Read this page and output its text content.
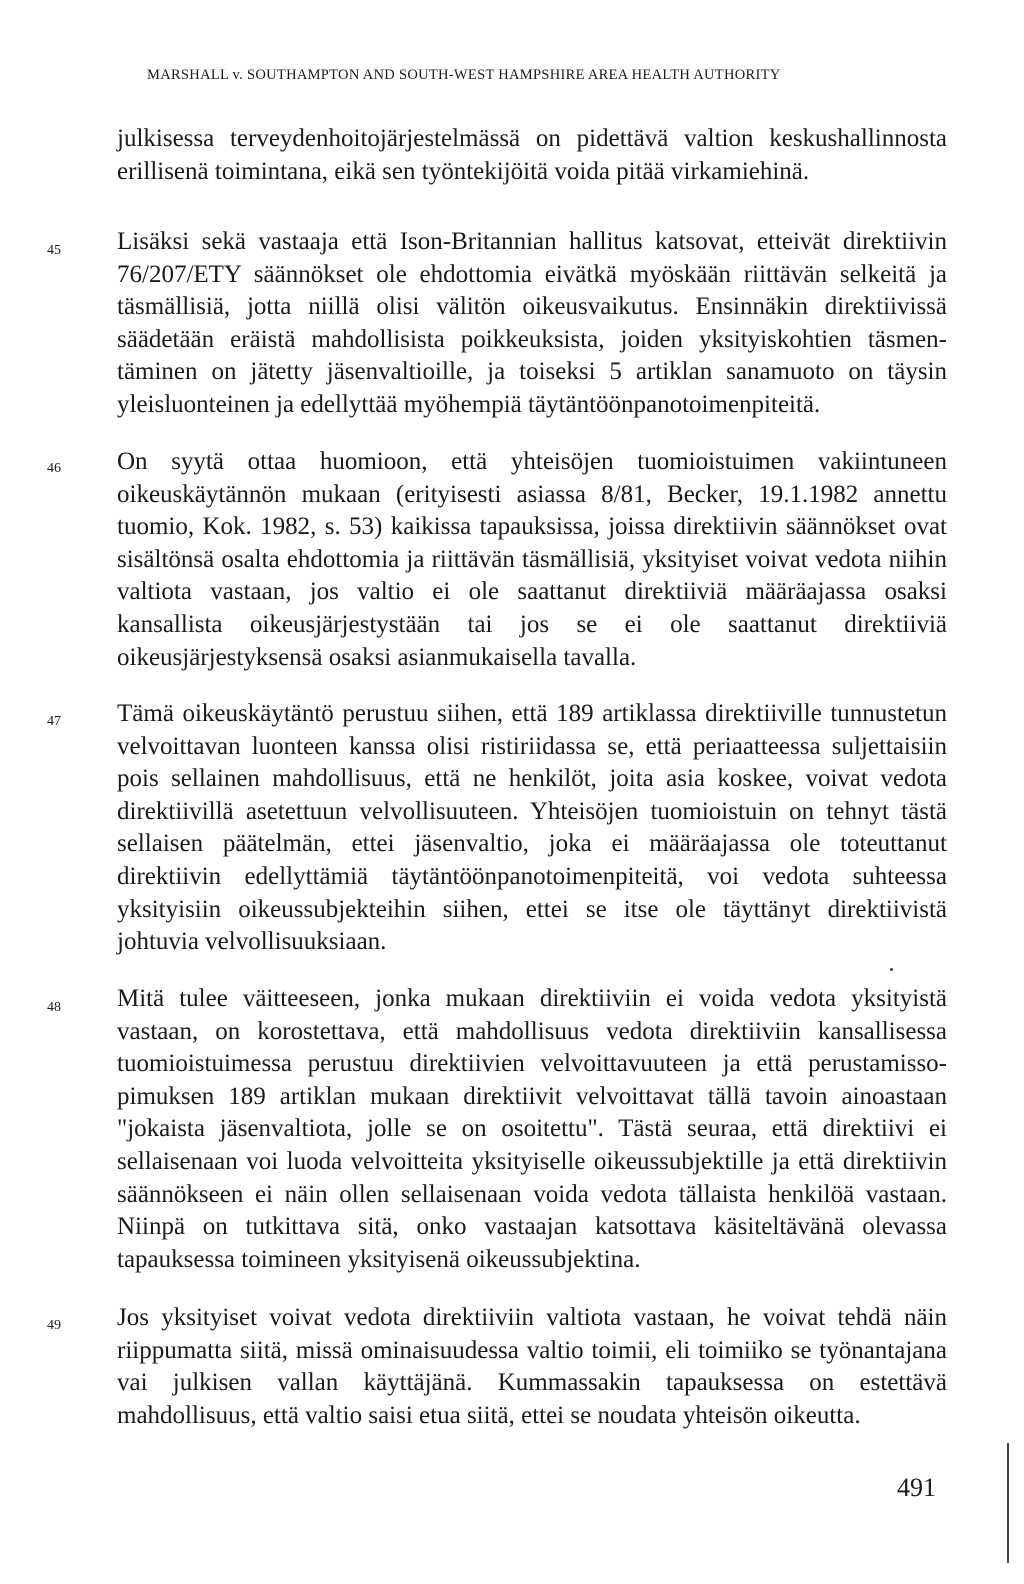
MARSHALL v. SOUTHAMPTON AND SOUTH-WEST HAMPSHIRE AREA HEALTH AUTHORITY
julkisessa terveydenhoitojärjestelmässä on pidettävä valtion keskushallinnosta erillisenä toimintana, eikä sen työntekijöitä voida pitää virkamiehinä.
45 Lisäksi sekä vastaaja että Ison-Britannian hallitus katsovat, etteivät direktiivin 76/207/ETY säännökset ole ehdottomia eivätkä myöskään riittävän selkeitä ja täsmällisiä, jotta niillä olisi välitön oikeusvaikutus. Ensinnäkin direktiivissä säädetään eräistä mahdollisista poikkeuksista, joiden yksityiskohtien täsmentäminen on jätetty jäsenvaltioille, ja toiseksi 5 artiklan sanamuoto on täysin yleisluonteinen ja edellyttää myöhempiä täytäntöönpanotoimenpiteitä.
46 On syytä ottaa huomioon, että yhteisöjen tuomioistuimen vakiintuneen oikeuskäytännön mukaan (erityisesti asiassa 8/81, Becker, 19.1.1982 annettu tuomio, Kok. 1982, s. 53) kaikissa tapauksissa, joissa direktiivin säännökset ovat sisältönsä osalta ehdottomia ja riittävän täsmällisiä, yksityiset voivat vedota niihin valtiota vastaan, jos valtio ei ole saattanut direktiiviä määräajassa osaksi kansallista oikeusjärjestystään tai jos se ei ole saattanut direktiiviä oikeusjärjestyksensä osaksi asianmukaisella tavalla.
47 Tämä oikeuskäytäntö perustuu siihen, että 189 artiklassa direktiiville tunnustetun velvoittavan luonteen kanssa olisi ristiriidassa se, että periaatteessa suljettaisiin pois sellainen mahdollisuus, että ne henkilöt, joita asia koskee, voivat vedota direktiivillä asetettuun velvollisuuteen. Yhteisöjen tuomioistuin on tehnyt tästä sellaisen päätelmän, ettei jäsenvaltio, joka ei määräajassa ole toteuttanut direktiivin edellyttämiä täytäntöönpanotoimenpiteitä, voi vedota suhteessa yksityisiin oikeussubjekteihin siihen, ettei se itse ole täyttänyt direktiivistä johtuvia velvollisuuksiaan.
48 Mitä tulee väitteeseen, jonka mukaan direktiiviin ei voida vedota yksityistä vastaan, on korostettava, että mahdollisuus vedota direktiiviin kansallisessa tuomioistuimessa perustuu direktiivien velvoittavuuteen ja että perustamissopimuksen 189 artiklan mukaan direktiivit velvoittavat tällä tavoin ainoastaan "jokaista jäsenvaltiota, jolle se on osoitettu". Tästä seuraa, että direktiivi ei sellaisenaan voi luoda velvoitteita yksityiselle oikeussubjektille ja että direktiivin säännökseen ei näin ollen sellaisenaan voida vedota tällaista henkilöä vastaan. Niinpä on tutkittava sitä, onko vastaajan katsottava käsiteltävänä olevassa tapauksessa toimineen yksityisenä oikeussubjektina.
49 Jos yksityiset voivat vedota direktiiviin valtiota vastaan, he voivat tehdä näin riippumatta siitä, missä ominaisuudessa valtio toimii, eli toimiiko se työnantajana vai julkisen vallan käyttäjänä. Kummassakin tapauksessa on estettävä mahdollisuus, että valtio saisi etua siitä, ettei se noudata yhteisön oikeutta.
491
